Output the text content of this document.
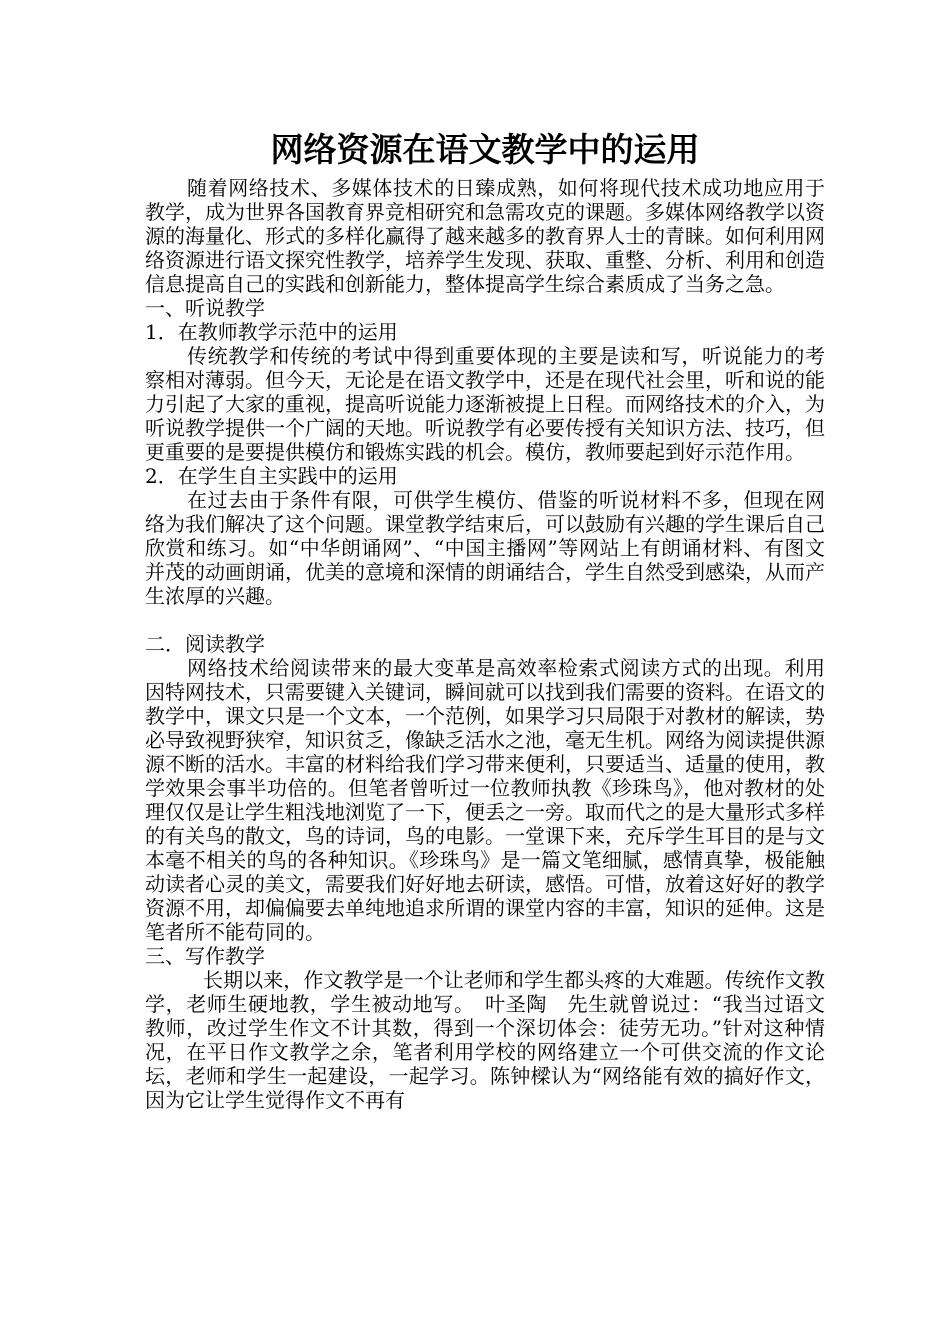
网络资源在语文教学中的运用

随着网络技术、多媒体技术的日臻成熟，如何将现代技术成功地应用于教学，成为世界各国教育界竞相研究和急需攻克的课题。多媒体网络教学以资源的海量化、形式的多样化赢得了越来越多的教育界人士的青睐。如何利用网络资源进行语文探究性教学，培养学生发现、获取、重整、分析、利用和创造信息提高自己的实践和创新能力，整体提高学生综合素质成了当务之急。

一、听说教学

1．在教师教学示范中的运用

传统教学和传统的考试中得到重要体现的主要是读和写，听说能力的考察相对薄弱。但今天，无论是在语文教学中，还是在现代社会里，听和说的能力引起了大家的重视，提高听说能力逐渐被提上日程。而网络技术的介入，为听说教学提供一个广阔的天地。听说教学有必要传授有关知识方法、技巧，但更重要的是要提供模仿和锻炼实践的机会。模仿，教师要起到好示范作用。

2．在学生自主实践中的运用

在过去由于条件有限，可供学生模仿、借鉴的听说材料不多，但现在网络为我们解决了这个问题。课堂教学结束后，可以鼓励有兴趣的学生课后自己欣赏和练习。如“中华朗诵网”、“中国主播网”等网站上有朗诵材料、有图文并茂的动画朗诵，优美的意境和深情的朗诵结合，学生自然受到感染，从而产生浓厚的兴趣。

二．阅读教学

网络技术给阅读带来的最大变革是高效率检索式阅读方式的出现。利用因特网技术，只需要键入关键词，瞬间就可以找到我们需要的资料。在语文的教学中，课文只是一个文本，一个范例，如果学习只局限于对教材的解读，势必导致视野狭窄，知识贫乏，像缺乏活水之池，毫无生机。网络为阅读提供源源不断的活水。丰富的材料给我们学习带来便利，只要适当、适量的使用，教学效果会事半功倍的。但笔者曾听过一位教师执教《珍珠鸟》，他对教材的处理仅仅是让学生粗浅地浏览了一下，便丢之一旁。取而代之的是大量形式多样的有关鸟的散文，鸟的诗词，鸟的电影。一堂课下来，充斥学生耳目的是与文本毫不相关的鸟的各种知识。《珍珠鸟》是一篇文笔细腻，感情真挚，极能触动读者心灵的美文，需要我们好好地去研读，感悟。可惜，放着这好好的教学资源不用，却偏偏要去单纯地追求所谓的课堂内容的丰富，知识的延伸。这是笔者所不能苟同的。

三、写作教学

长期以来，作文教学是一个让老师和学生都头疼的大难题。传统作文教学，老师生硬地教，学生被动地写。　叶圣陶　先生就曾说过：“我当过语文教师，改过学生作文不计其数，得到一个深切体会：徒劳无功。”针对这种情况，在平日作文教学之余，笔者利用学校的网络建立一个可供交流的作文论坛，老师和学生一起建设，一起学习。陈钟樑认为“网络能有效的搞好作文，因为它让学生觉得作文不再有
